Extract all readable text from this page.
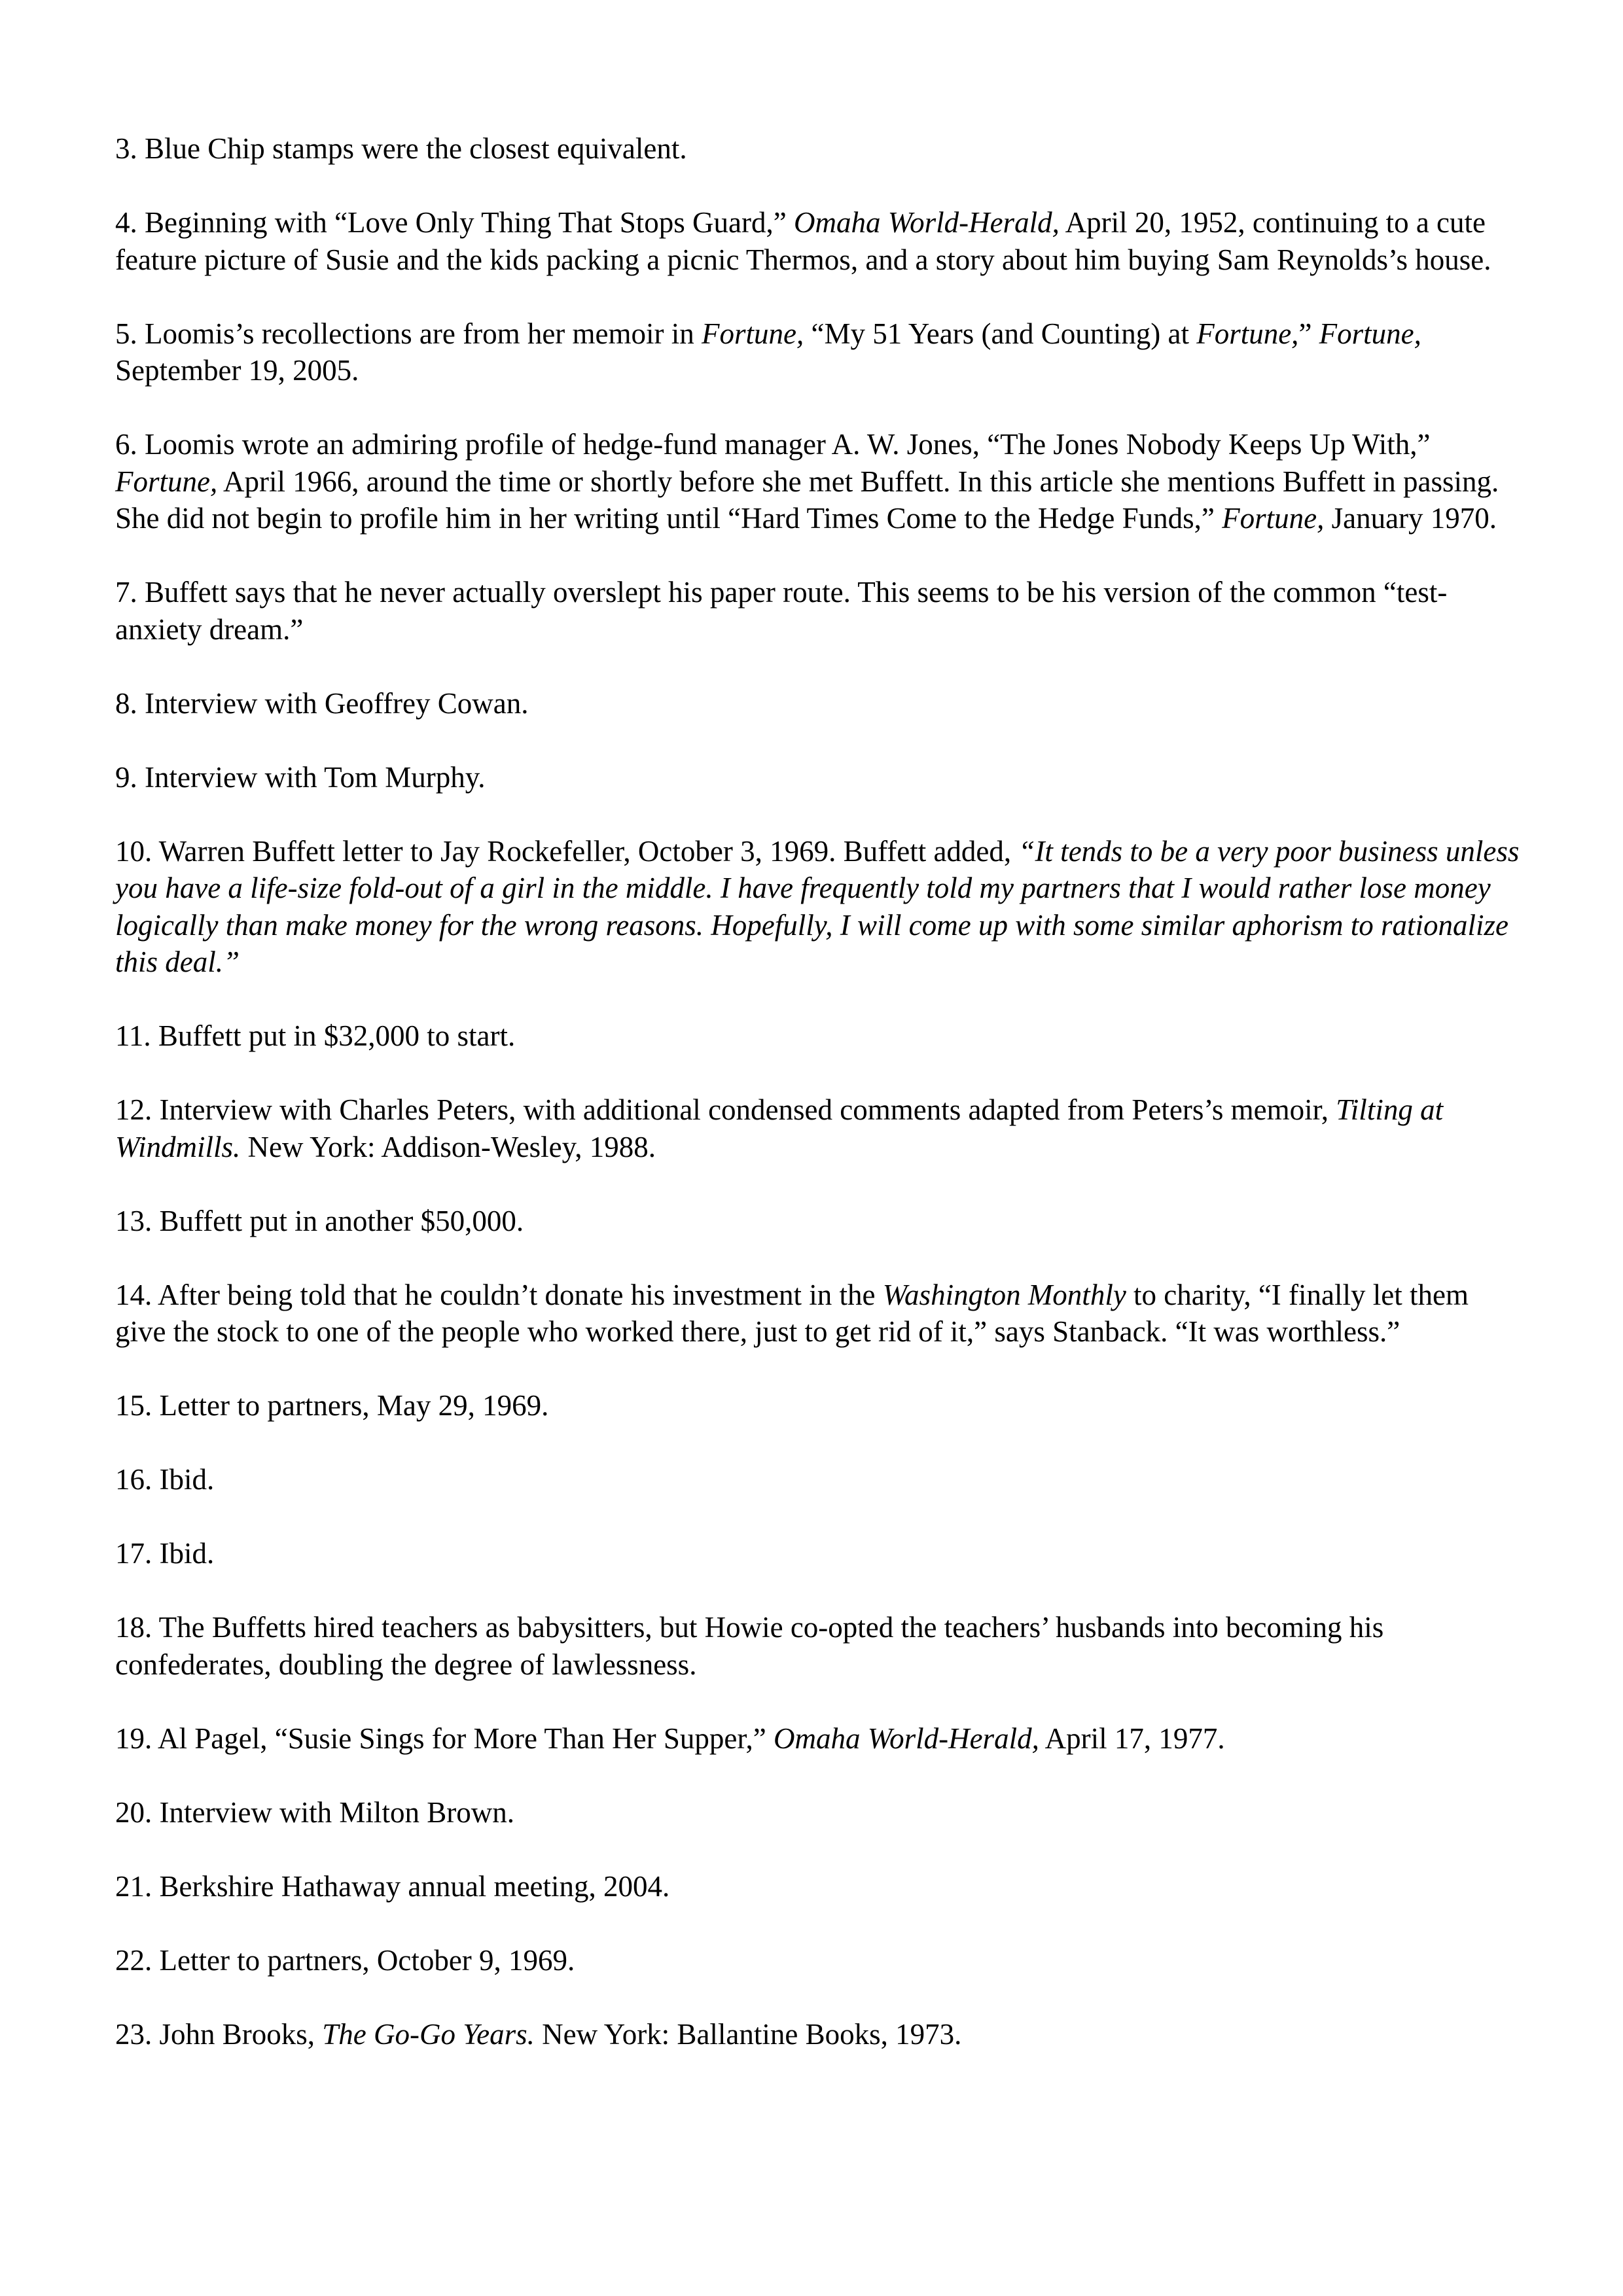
3. Blue Chip stamps were the closest equivalent.

4. Beginning with “Love Only Thing That Stops Guard,” Omaha World-Herald, April 20, 1952, continuing to a cute feature picture of Susie and the kids packing a picnic Thermos, and a story about him buying Sam Reynolds’s house.

5. Loomis’s recollections are from her memoir in Fortune, “My 51 Years (and Counting) at Fortune,” Fortune, September 19, 2005.

6. Loomis wrote an admiring profile of hedge-fund manager A. W. Jones, “The Jones Nobody Keeps Up With,” Fortune, April 1966, around the time or shortly before she met Buffett. In this article she mentions Buffett in passing. She did not begin to profile him in her writing until “Hard Times Come to the Hedge Funds,” Fortune, January 1970.

7. Buffett says that he never actually overslept his paper route. This seems to be his version of the common “test-anxiety dream.”

8. Interview with Geoffrey Cowan.

9. Interview with Tom Murphy.

10. Warren Buffett letter to Jay Rockefeller, October 3, 1969. Buffett added, “It tends to be a very poor business unless you have a life-size fold-out of a girl in the middle. I have frequently told my partners that I would rather lose money logically than make money for the wrong reasons. Hopefully, I will come up with some similar aphorism to rationalize this deal.”

11. Buffett put in $32,000 to start.

12. Interview with Charles Peters, with additional condensed comments adapted from Peters’s memoir, Tilting at Windmills. New York: Addison-Wesley, 1988.

13. Buffett put in another $50,000.

14. After being told that he couldn’t donate his investment in the Washington Monthly to charity, “I finally let them give the stock to one of the people who worked there, just to get rid of it,” says Stanback. “It was worthless.”

15. Letter to partners, May 29, 1969.

16. Ibid.

17. Ibid.

18. The Buffetts hired teachers as babysitters, but Howie co-opted the teachers’ husbands into becoming his confederates, doubling the degree of lawlessness.

19. Al Pagel, “Susie Sings for More Than Her Supper,” Omaha World-Herald, April 17, 1977.

20. Interview with Milton Brown.

21. Berkshire Hathaway annual meeting, 2004.

22. Letter to partners, October 9, 1969.

23. John Brooks, The Go-Go Years. New York: Ballantine Books, 1973.
